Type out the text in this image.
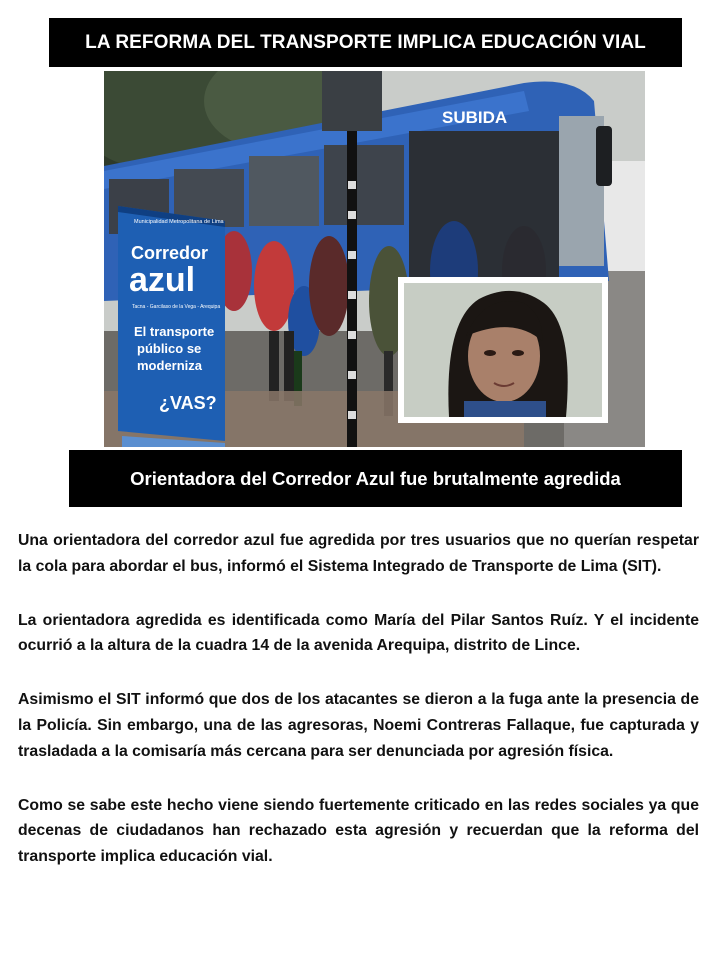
LA REFORMA DEL TRANSPORTE IMPLICA EDUCACIÓN VIAL
SUBIDA
Municipalidad Metropolitana de Lima
Corredor
azul
Tacna - Garcilaso de la Vega - Arequipa
El transporte
público se
moderniza
¿VAS?
Orientadora del Corredor Azul fue brutalmente agredida

Una orientadora del corredor azul fue agredida por tres usuarios que no querían respetar la cola para abordar el bus, informó el Sistema Integrado de Transporte de Lima (SIT).

La orientadora agredida es identificada como María del Pilar Santos Ruíz. Y el incidente ocurrió a la altura de la cuadra 14 de la avenida Arequipa, distrito de Lince.

Asimismo el SIT informó que dos de los atacantes se dieron a la fuga ante la presencia de la Policía. Sin embargo, una de las agresoras, Noemi Contreras Fallaque, fue capturada y trasladada a la comisaría más cercana para ser denunciada por agresión física.

Como se sabe este hecho viene siendo fuertemente criticado en las redes sociales ya que decenas de ciudadanos han rechazado esta agresión y recuerdan que la reforma del transporte implica educación vial.
